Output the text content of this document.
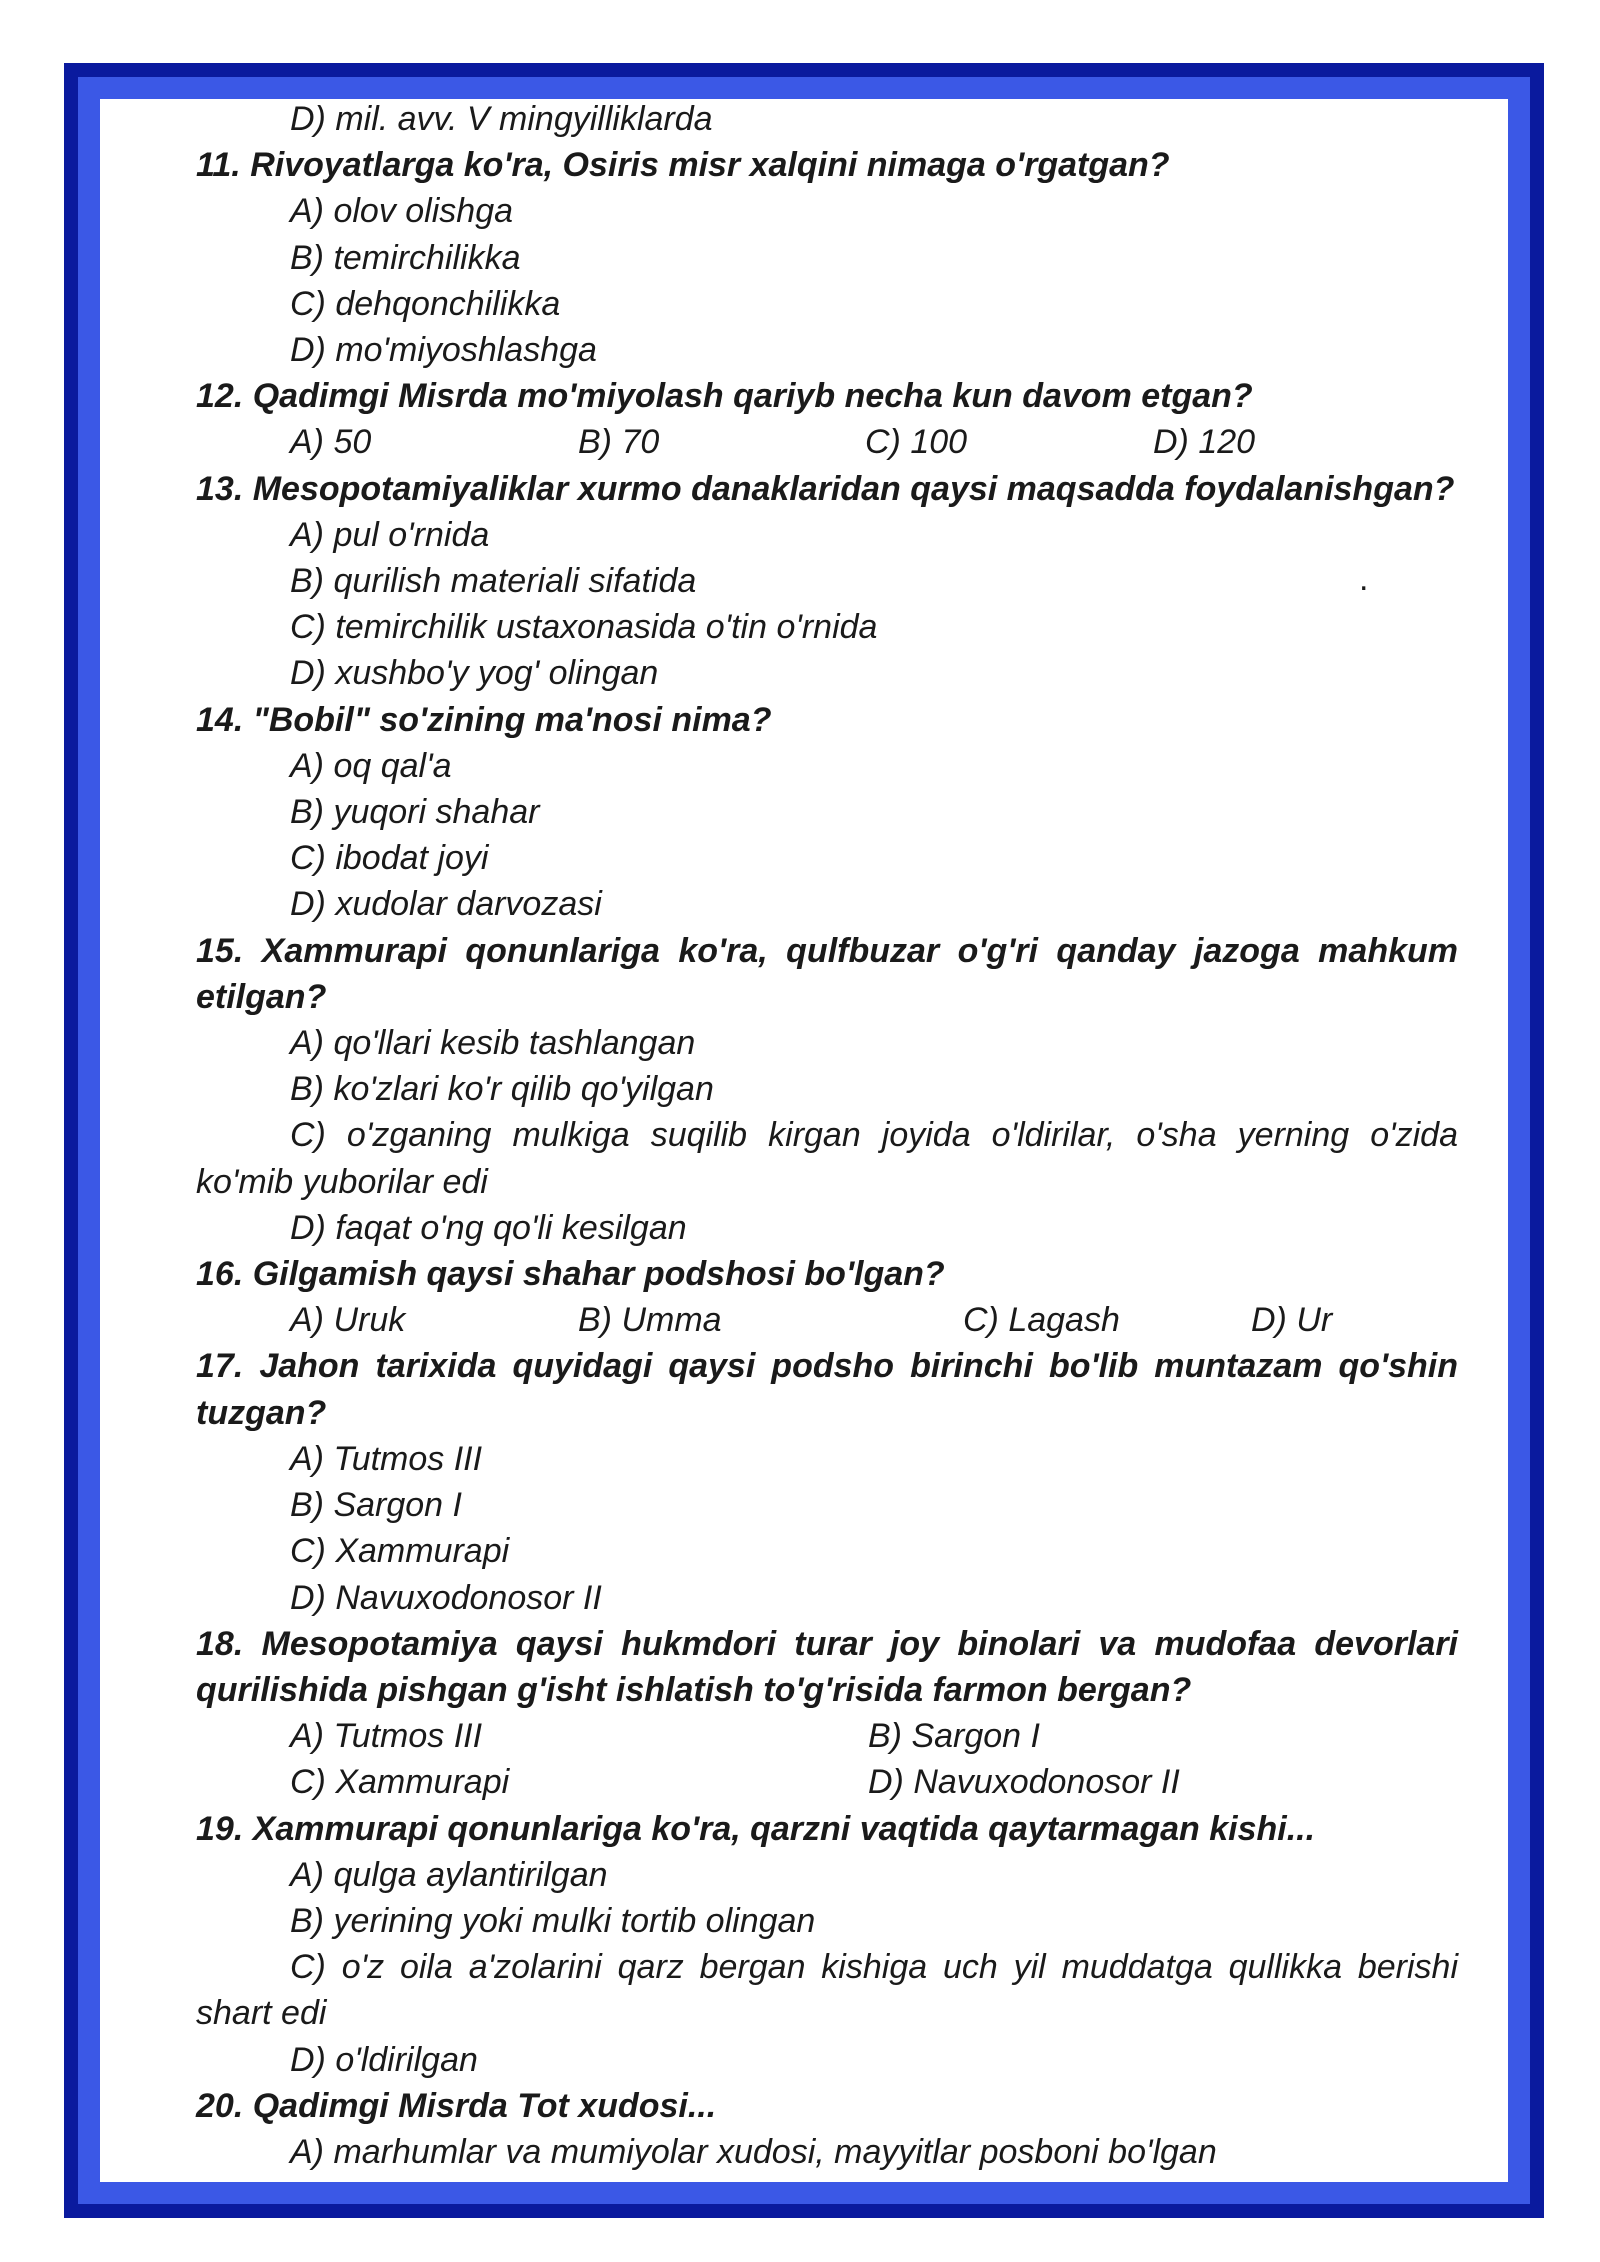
D) mil. avv. V mingyilliklarda
11. Rivoyatlarga ko'ra, Osiris misr xalqini nimaga o'rgatgan?
A) olov olishga
B) temirchilikka
C) dehqonchilikka
D) mo'miyoshlashga
12. Qadimgi Misrda mo'miyolash qariyb necha kun davom etgan?
A) 50	B) 70	C) 100	D) 120
13. Mesopotamiyaliklar xurmo danaklaridan qaysi maqsadda foydalanishgan?
A) pul o'rnida
B) qurilish materiali sifatida
C) temirchilik ustaxonasida o'tin o'rnida
D) xushbo'y yog' olingan
14. "Bobil" so'zining ma'nosi nima?
A) oq qal'a
B) yuqori shahar
C) ibodat joyi
D) xudolar darvozasi
15. Xammurapi qonunlariga ko'ra, qulfbuzar o'g'ri qanday jazoga mahkum etilgan?
A) qo'llari kesib tashlangan
B) ko'zlari ko'r qilib qo'yilgan
C) o'zganing mulkiga suqilib kirgan joyida o'ldirilar, o'sha yerning o'zida ko'mib yuborilar edi
D) faqat o'ng qo'li kesilgan
16. Gilgamish qaysi shahar podshosi bo'lgan?
A) Uruk	B) Umma	C) Lagash	D) Ur
17. Jahon tarixida quyidagi qaysi podsho birinchi bo'lib muntazam qo'shin tuzgan?
A) Tutmos III
B) Sargon I
C) Xammurapi
D) Navuxodonosor II
18. Mesopotamiya qaysi hukmdori turar joy binolari va mudofaa devorlari qurilishida pishgan g'isht ishlatish to'g'risida farmon bergan?
A) Tutmos III	B) Sargon I
C) Xammurapi	D) Navuxodonosor II
19. Xammurapi qonunlariga ko'ra, qarzni vaqtida qaytarmagan kishi...
A) qulga aylantirilgan
B) yerining yoki mulki tortib olingan
C) o'z oila a'zolarini qarz bergan kishiga uch yil muddatga qullikka berishi shart edi
D) o'ldirilgan
20. Qadimgi Misrda Tot xudosi...
A) marhumlar va mumiyolar xudosi, mayyitlar posboni bo'lgan
.
